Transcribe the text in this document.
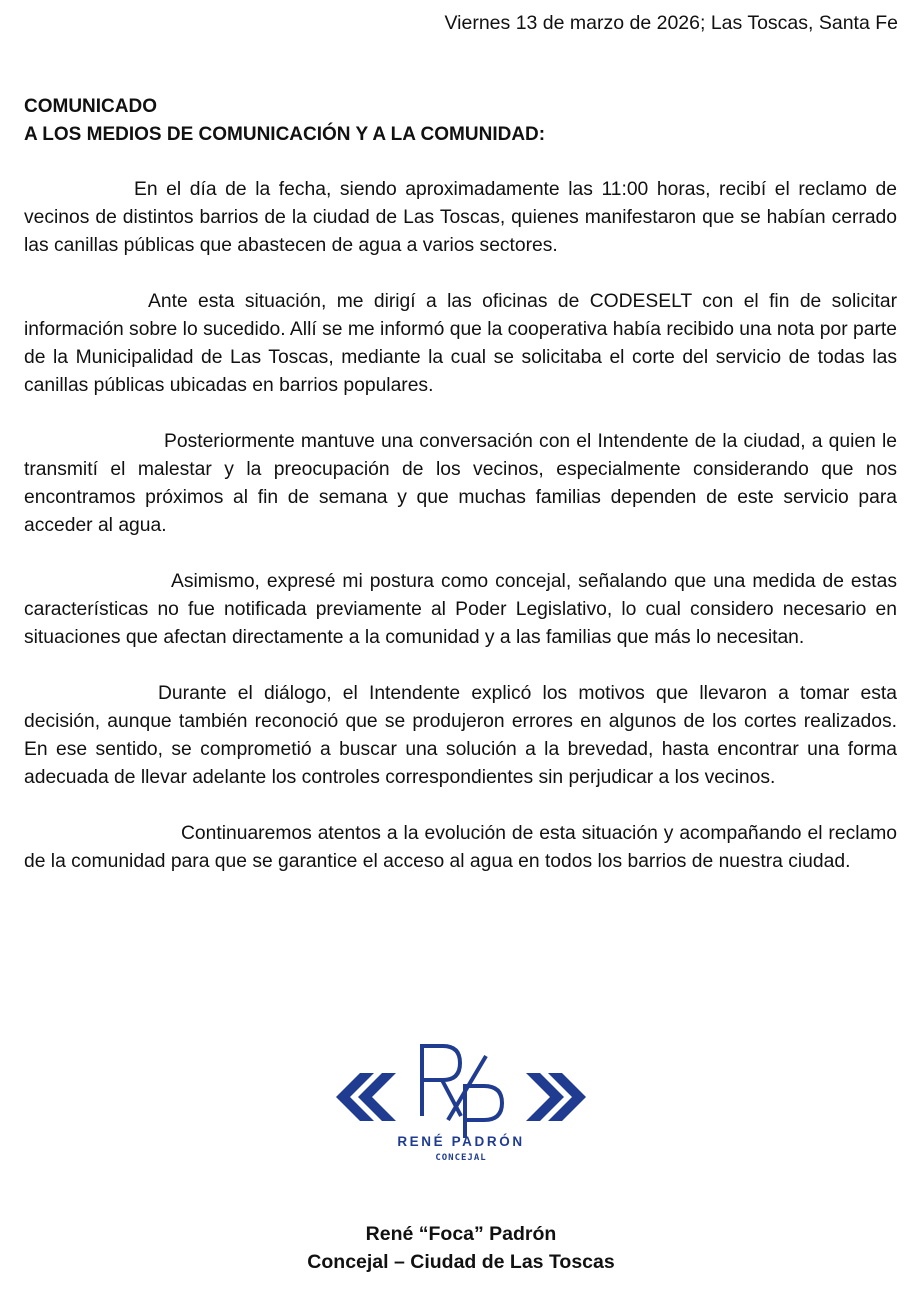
Viernes 13 de marzo de 2026; Las Toscas, Santa Fe
COMUNICADO
A LOS MEDIOS DE COMUNICACIÓN Y A LA COMUNIDAD:

En el día de la fecha, siendo aproximadamente las 11:00 horas, recibí el reclamo de vecinos de distintos barrios de la ciudad de Las Toscas, quienes manifestaron que se habían cerrado las canillas públicas que abastecen de agua a varios sectores.

Ante esta situación, me dirigí a las oficinas de CODESELT con el fin de solicitar información sobre lo sucedido. Allí se me informó que la cooperativa había recibido una nota por parte de la Municipalidad de Las Toscas, mediante la cual se solicitaba el corte del servicio de todas las canillas públicas ubicadas en barrios populares.

Posteriormente mantuve una conversación con el Intendente de la ciudad, a quien le transmití el malestar y la preocupación de los vecinos, especialmente considerando que nos encontramos próximos al fin de semana y que muchas familias dependen de este servicio para acceder al agua.

Asimismo, expresé mi postura como concejal, señalando que una medida de estas características no fue notificada previamente al Poder Legislativo, lo cual considero necesario en situaciones que afectan directamente a la comunidad y a las familias que más lo necesitan.

Durante el diálogo, el Intendente explicó los motivos que llevaron a tomar esta decisión, aunque también reconoció que se produjeron errores en algunos de los cortes realizados. En ese sentido, se comprometió a buscar una solución a la brevedad, hasta encontrar una forma adecuada de llevar adelante los controles correspondientes sin perjudicar a los vecinos.

Continuaremos atentos a la evolución de esta situación y acompañando el reclamo de la comunidad para que se garantice el acceso al agua en todos los barrios de nuestra ciudad.

RENÉ PADRÓN
CONCEJAL
René “Foca” Padrón
Concejal – Ciudad de Las Toscas
